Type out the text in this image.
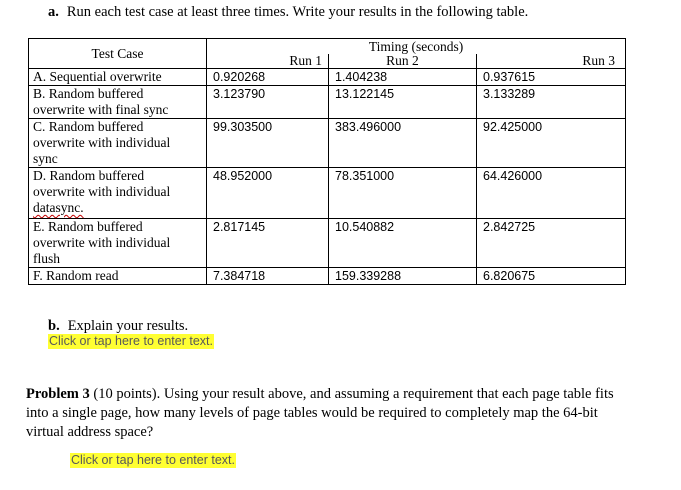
a. Run each test case at least three times. Write your results in the following table.
Test Case	Timing (seconds)		
	Run 1	Run 2	Run 3

A. Sequential overwrite	0.920268	1.404238	0.937615

B. Random buffered
overwrite with final sync	3.123790	13.122145	3.133289

C. Random buffered
overwrite with individual
sync	99.303500	383.496000	92.425000

D. Random buffered
overwrite with individual
datasync.	48.952000	78.351000	64.426000

E. Random buffered
overwrite with individual
flush	2.817145	10.540882	2.842725

F. Random read	7.384718	159.339288	6.820675
b. Explain your results.
Click or tap here to enter text.
Problem 3 (10 points). Using your result above, and assuming a requirement that each page table fits into a single page, how many levels of page tables would be required to completely map the 64-bit virtual address space?
Click or tap here to enter text.
